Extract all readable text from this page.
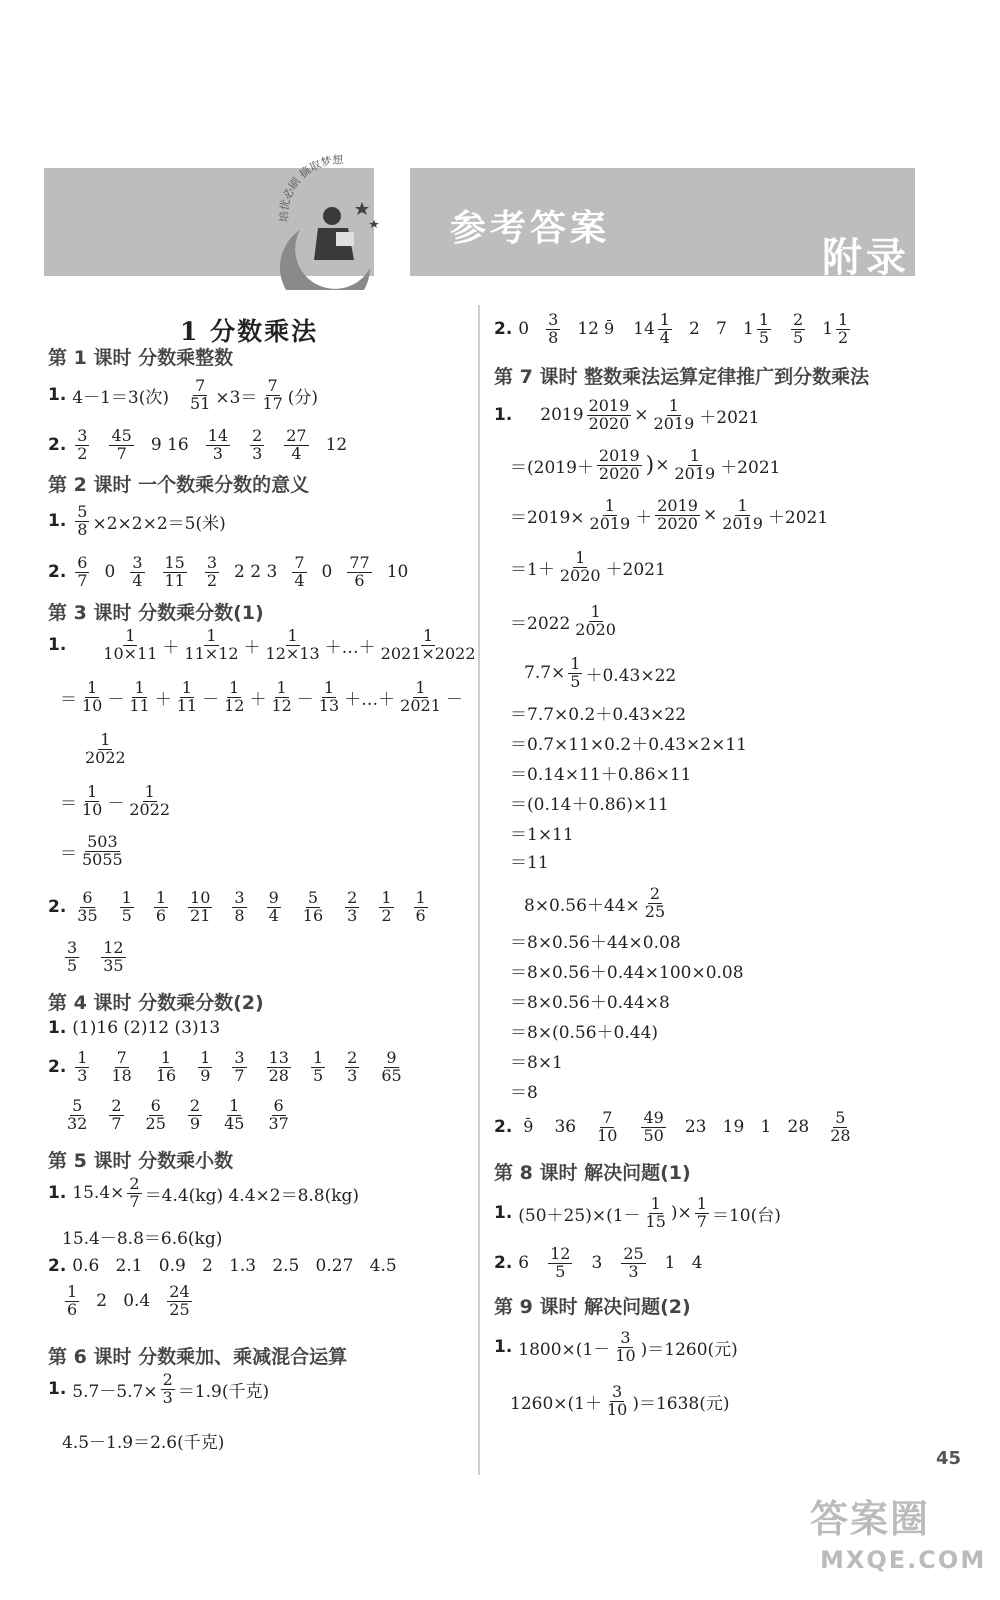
参考答案
附录
培优必刷 摘取梦想
1 分数乘法
第 1 课时 分数乘整数
1. 4－1＝3(次) $\frac{7}{51} \times 3= \frac{7}{17}$ (分)
2. $\frac{3}{2} \frac{45}{7} 9$ $16 \frac{14}{3} \frac{2}{3} \frac{27}{4} 12$
第 2 课时 一个数乘分数的意义
1. $\frac{5}{8} \times 2\times 2\times 2=5$(米)
2. $\frac{6}{7} 0 \frac{3}{4} \frac{15}{11} \frac{3}{2} 2$ 2 $3 \frac{7}{4} 0 \frac{77}{6} 10$
第 3 课时 分数乘分数(1)
1. $\frac{1}{10\times 11} + \frac{1}{11\times 12} + \frac{1}{12\times 13}$ ＋…＋ $\frac{1}{2021\times 2022}$
＝ $\frac{1}{10} - \frac{1}{11} + \frac{1}{11} - \frac{1}{12} + \frac{1}{12} - \frac{1}{13}$ ＋…＋ $\frac{1}{2021}$ －
$\frac{1}{2022}$
＝ $\frac{1}{10} - \frac{1}{2022}$
＝ $\frac{503}{5055}$
2. $\frac{6}{35} \frac{1}{5} \frac{1}{6} \frac{10}{21} \frac{3}{8} \frac{9}{4} \frac{5}{16} \frac{2}{3} \frac{1}{2} \frac{1}{6}$
$\frac{3}{5} \frac{12}{35}$
第 4 课时 分数乘分数(2)
1. (1)16 (2)12 (3)13
2. $\frac{1}{3} \frac{7}{18} \frac{1}{16} \frac{1}{9} \frac{3}{7} \frac{13}{28} \frac{1}{5} \frac{2}{3} \frac{9}{65}$
$\frac{5}{32} \frac{2}{7} \frac{6}{25} \frac{2}{9} \frac{1}{45} \frac{6}{37}$
第 5 课时 分数乘小数
1. $15.4\times \frac{2}{7} =4.4(kg)$ 4.4×2＝8.8(kg)
15.4－8.8＝6.6(kg)
2. 0.6   2.1   0.9   2   1.3   2.5   0.27   4.5
$\frac{1}{6} 2$   $0.4 \frac{24}{25}$
第 6 课时 分数乘加、乘减混合运算
1. $5.7-5.7\times \frac{2}{3} =1.9$(千克)
4.5－1.9＝2.6(千克)
2. $0 \frac{3}{8} 12$ 9 $14 \frac{1}{4} 2$   7   $1 \frac{1}{5} \frac{2}{5} 1 \frac{1}{2}$
第 7 课时 整数乘法运算定律推广到分数乘法
1. $2019 \frac{2019}{2020} \times \frac{1}{2019} +2021$
$=(2019+ \frac{2019}{2020}$ ) × $\frac{1}{2019} +2021$
$=2019\times \frac{1}{2019} + \frac{2019}{2020} \times \frac{1}{2019} +2021$
$=1+ \frac{1}{2020} +2021$
$=2022 \frac{1}{2020}$
$7.7\times \frac{1}{5} +0.43\times 22$
＝7.7×0.2＋0.43×22
＝0.7×11×0.2＋0.43×2×11
＝0.14×11＋0.86×11
＝(0.14＋0.86)×11
＝1×11
＝11
$8\times 0.56+44\times \frac{2}{25}$
＝8×0.56＋44×0.08
＝8×0.56＋0.44×100×0.08
＝8×0.56＋0.44×8
＝8×(0.56＋0.44)
＝8×1
＝8
2. 9 $36 \frac{7}{10} \frac{49}{50} 23$   19   1   $28 \frac{5}{28}$
第 8 课时 解决问题(1)
1. $(50+25)\times(1- \frac{1}{15}$ )× $\frac{1}{7} =10$(台)
2. $6 \frac{12}{5} 3 \frac{25}{3} 1$   4
第 9 课时 解决问题(2)
1. $1800\times(1- \frac{3}{10} )=1260$(元)
$1260\times(1+ \frac{3}{10} )=1638$(元)
45
答案圈
MXQE.COM
